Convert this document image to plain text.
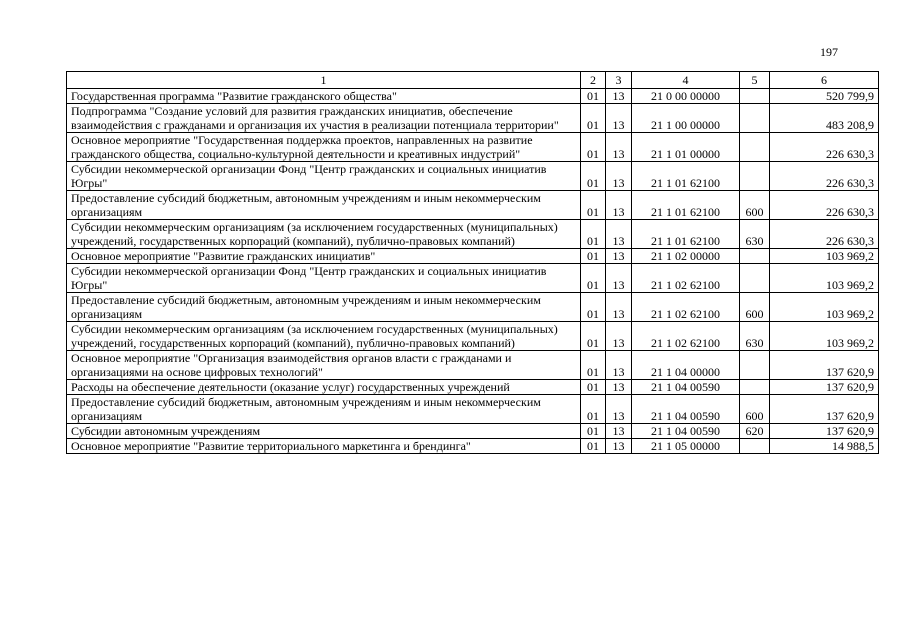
197
1	2	3	4	5	6
Государственная программа "Развитие гражданского общества"	01	13	21 0 00 00000		520 799,9
Подпрограмма "Создание условий для развития гражданских инициатив, обеспечение взаимодействия с гражданами и организация их участия в реализации потенциала территории"	01	13	21 1 00 00000		483 208,9
Основное мероприятие "Государственная поддержка проектов, направленных на развитие гражданского общества, социально-культурной деятельности и креативных индустрий"	01	13	21 1 01 00000		226 630,3
Субсидии некоммерческой организации Фонд "Центр гражданских и социальных инициатив Югры"	01	13	21 1 01 62100		226 630,3
Предоставление субсидий бюджетным, автономным учреждениям и иным некоммерческим организациям	01	13	21 1 01 62100	600	226 630,3
Субсидии некоммерческим организациям (за исключением государственных (муниципальных) учреждений, государственных корпораций (компаний), публично-правовых компаний)	01	13	21 1 01 62100	630	226 630,3
Основное мероприятие "Развитие гражданских инициатив"	01	13	21 1 02 00000		103 969,2
Субсидии некоммерческой организации Фонд "Центр гражданских и социальных инициатив Югры"	01	13	21 1 02 62100		103 969,2
Предоставление субсидий бюджетным, автономным учреждениям и иным некоммерческим организациям	01	13	21 1 02 62100	600	103 969,2
Субсидии некоммерческим организациям (за исключением государственных (муниципальных) учреждений, государственных корпораций (компаний), публично-правовых компаний)	01	13	21 1 02 62100	630	103 969,2
Основное мероприятие "Организация взаимодействия органов власти с гражданами и организациями на основе цифровых технологий"	01	13	21 1 04 00000		137 620,9
Расходы на обеспечение деятельности (оказание услуг) государственных учреждений	01	13	21 1 04 00590		137 620,9
Предоставление субсидий бюджетным, автономным учреждениям и иным некоммерческим организациям	01	13	21 1 04 00590	600	137 620,9
Субсидии автономным учреждениям	01	13	21 1 04 00590	620	137 620,9
Основное мероприятие "Развитие территориального маркетинга и брендинга"	01	13	21 1 05 00000		14 988,5
